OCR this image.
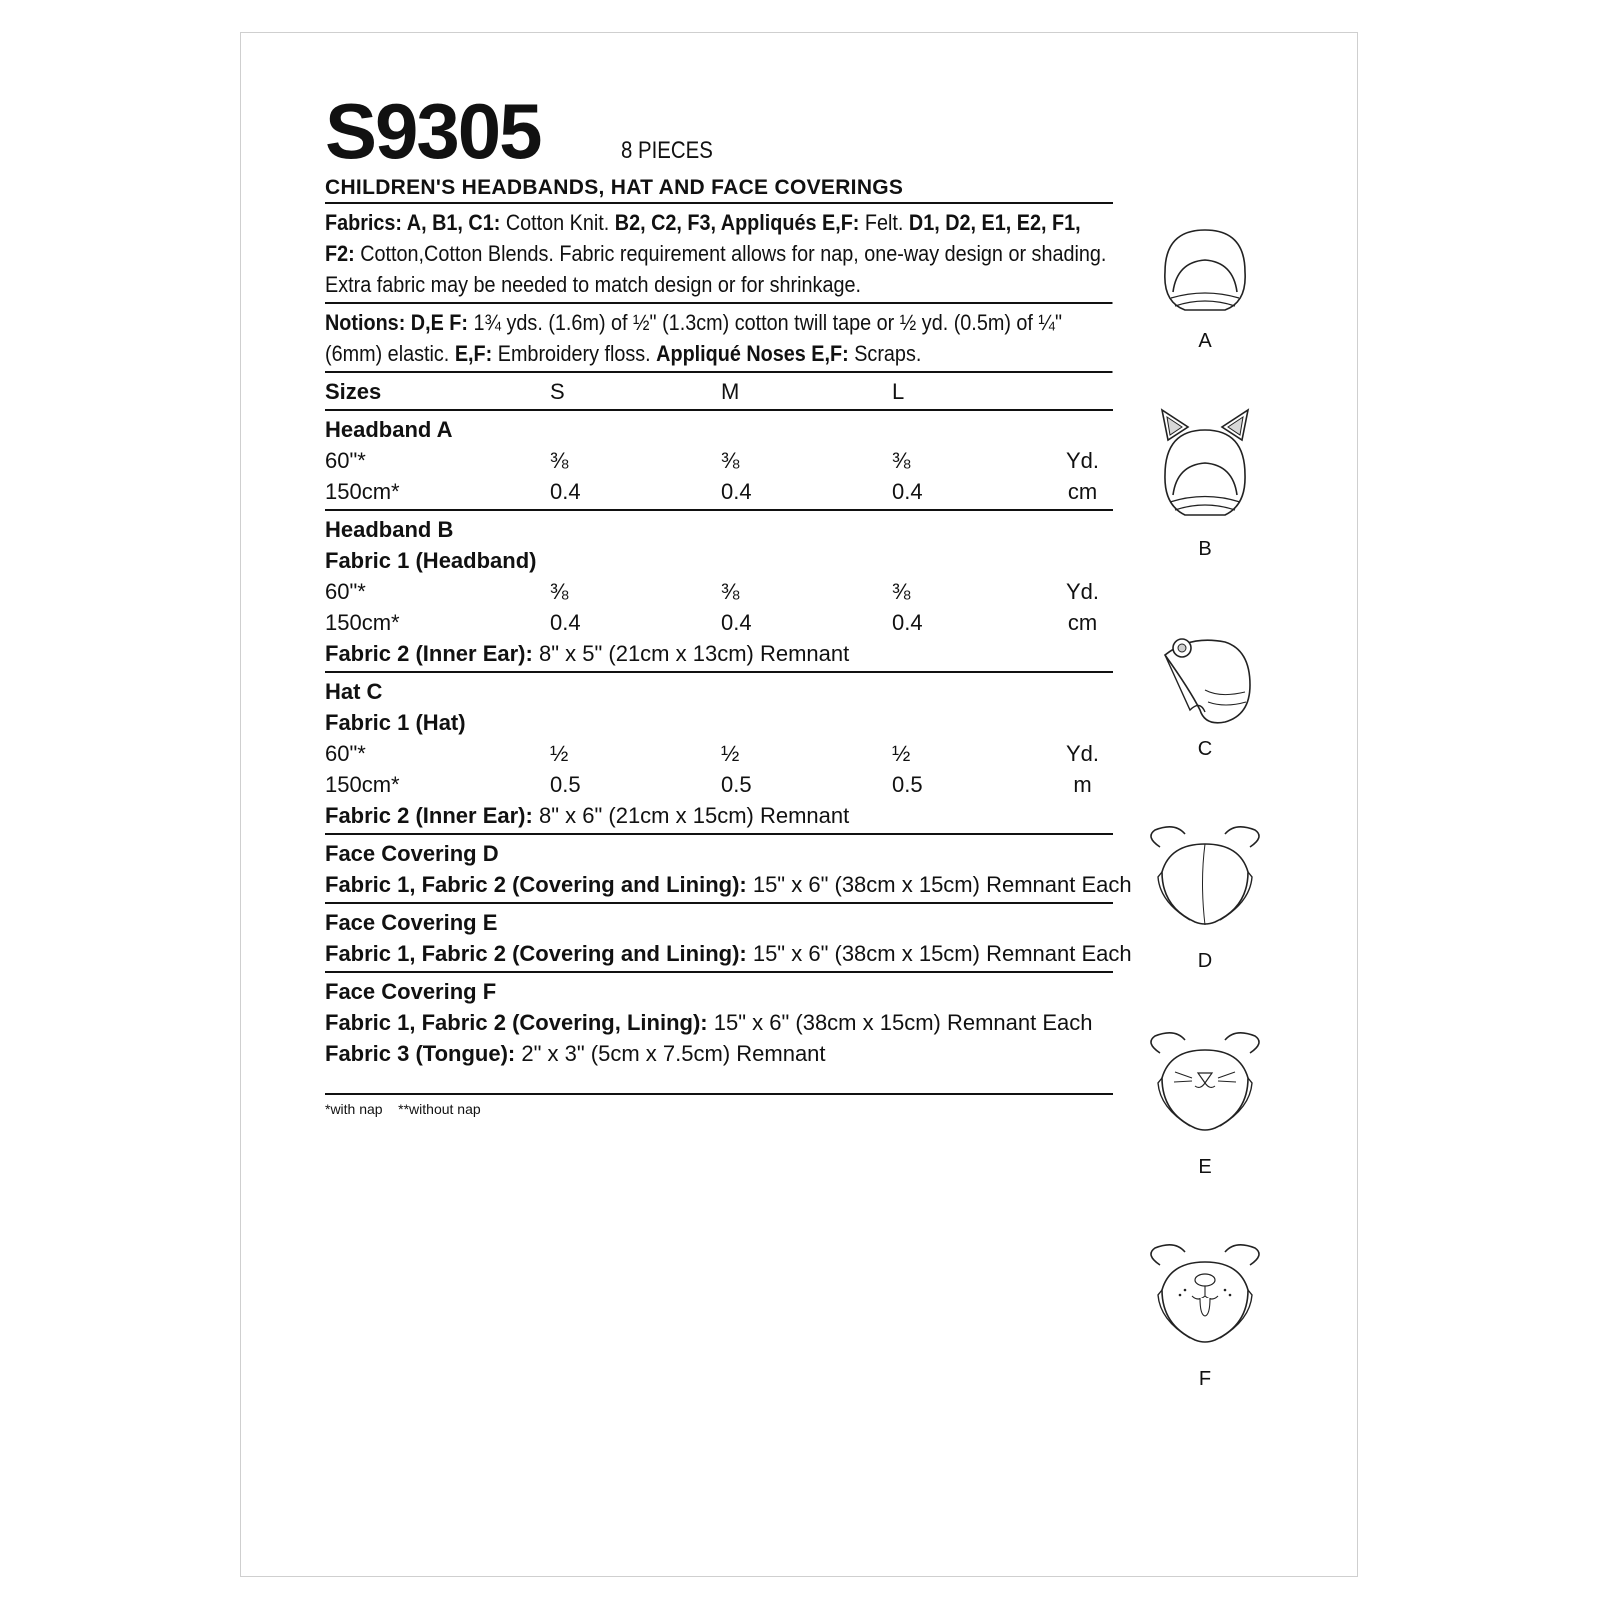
S9305	8 PIECES
CHILDREN'S HEADBANDS, HAT AND FACE COVERINGS
Fabrics: A, B1, C1: Cotton Knit. B2, C2, F3, Appliqués E,F: Felt. D1, D2, E1, E2, F1, F2: Cotton,Cotton Blends. Fabric requirement allows for nap, one-way design or shading. Extra fabric may be needed to match design or for shrinkage.
Notions: D,E F: 1¾ yds. (1.6m) of ½" (1.3cm) cotton twill tape or ½ yd. (0.5m) of ¼" (6mm) elastic. E,F: Embroidery floss. Appliqué Noses E,F: Scraps.
Sizes	S	M	L
Headband A
60"*	⅜	⅜	⅜	Yd.
150cm*	0.4	0.4	0.4	cm
Headband B
Fabric 1 (Headband)
60"*	⅜	⅜	⅜	Yd.
150cm*	0.4	0.4	0.4	cm
Fabric 2 (Inner Ear): 8" x 5" (21cm x 13cm) Remnant
Hat C
Fabric 1 (Hat)
60"*	½	½	½	Yd.
150cm*	0.5	0.5	0.5	m
Fabric 2 (Inner Ear): 8" x 6" (21cm x 15cm) Remnant
Face Covering D
Fabric 1, Fabric 2 (Covering and Lining): 15" x 6" (38cm x 15cm) Remnant Each
Face Covering E
Fabric 1, Fabric 2 (Covering and Lining): 15" x 6" (38cm x 15cm) Remnant Each
Face Covering F
Fabric 1, Fabric 2 (Covering, Lining): 15" x 6" (38cm x 15cm) Remnant Each
Fabric 3 (Tongue): 2" x 3" (5cm x 7.5cm) Remnant
*with nap    **without nap
A
B
C
D
E
F
